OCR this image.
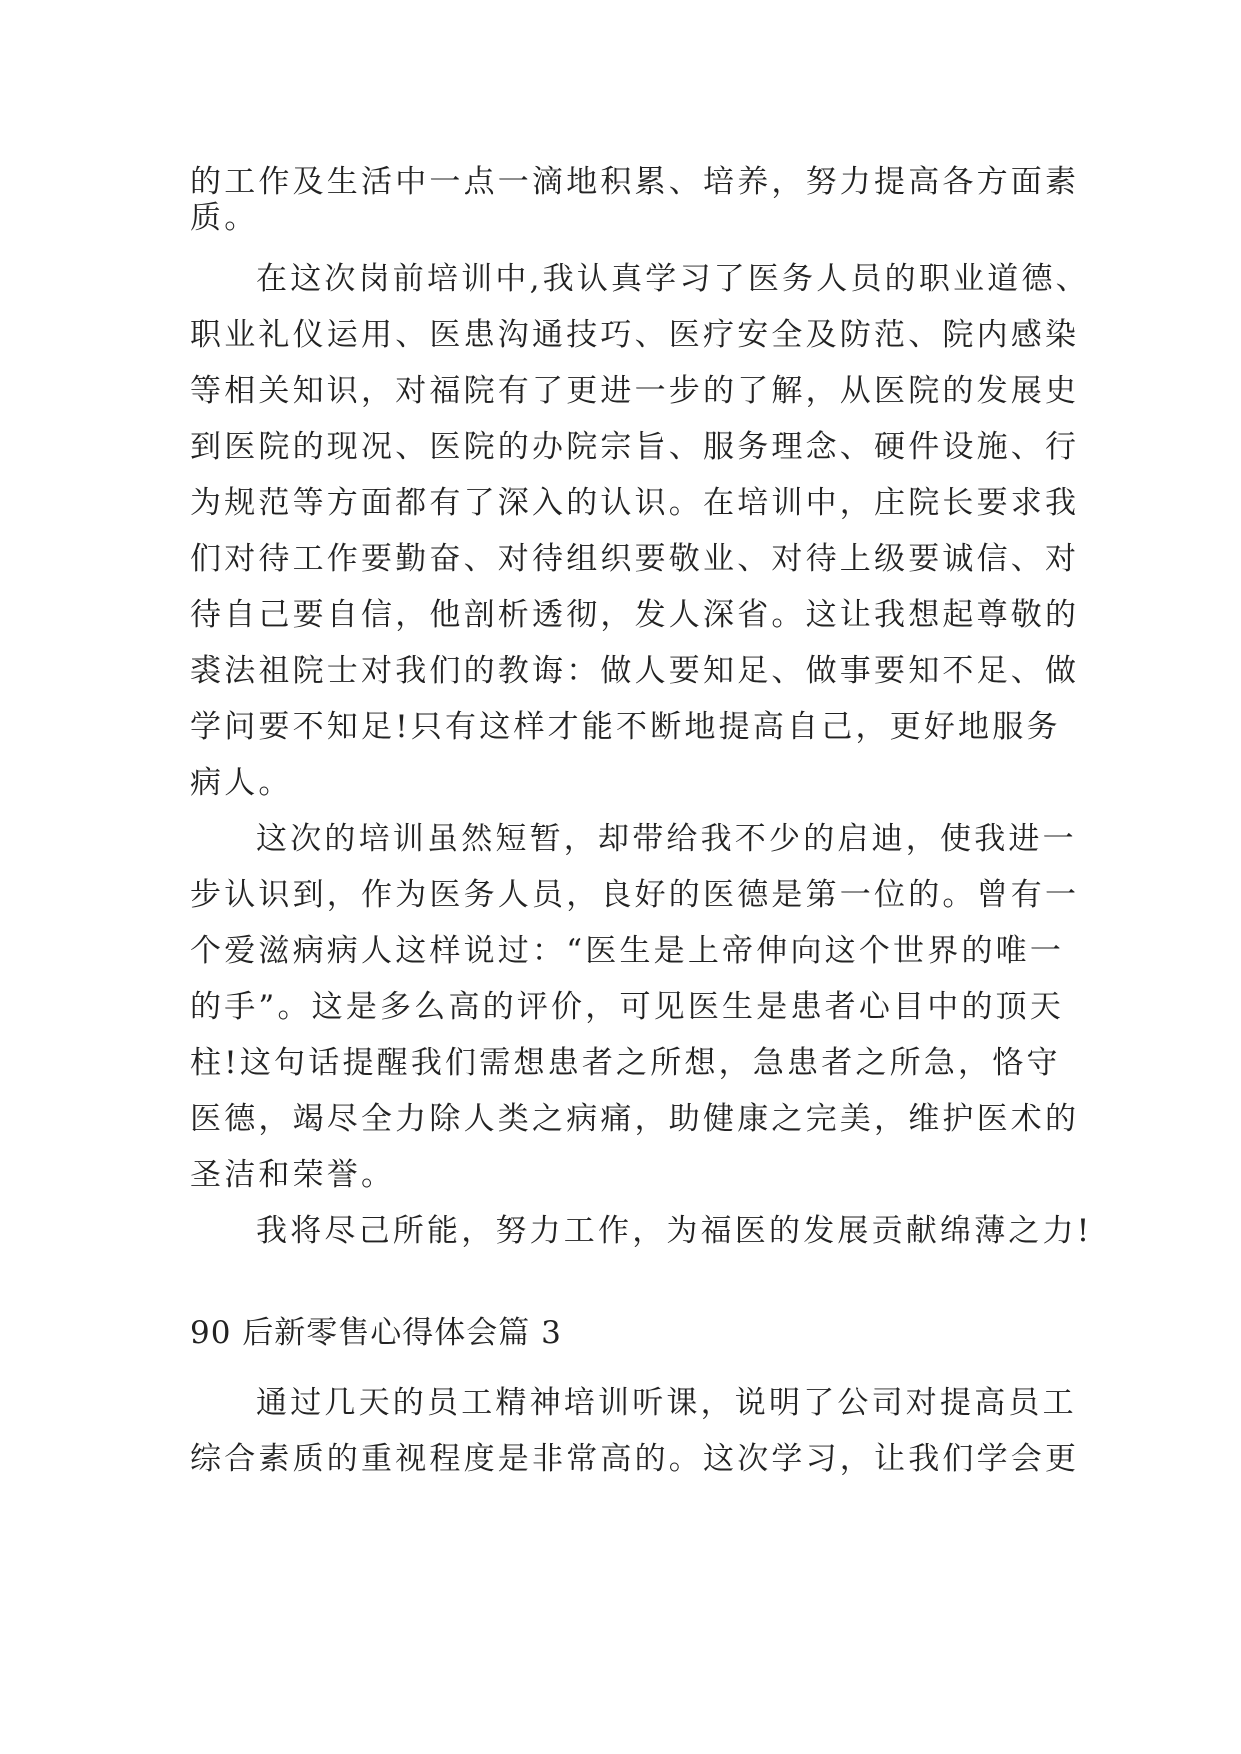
的工作及生活中一点一滴地积累、培养，努力提高各方面素
质。
在这次岗前培训中,我认真学习了医务人员的职业道德、
职业礼仪运用、医患沟通技巧、医疗安全及防范、院内感染
等相关知识，对福院有了更进一步的了解，从医院的发展史
到医院的现况、医院的办院宗旨、服务理念、硬件设施、行
为规范等方面都有了深入的认识。在培训中，庄院长要求我
们对待工作要勤奋、对待组织要敬业、对待上级要诚信、对
待自己要自信，他剖析透彻，发人深省。这让我想起尊敬的
裘法祖院士对我们的教诲：做人要知足、做事要知不足、做
学问要不知足!只有这样才能不断地提高自己，更好地服务
病人。
这次的培训虽然短暂，却带给我不少的启迪，使我进一
步认识到，作为医务人员，良好的医德是第一位的。曾有一
个爱滋病病人这样说过：“医生是上帝伸向这个世界的唯一
的手”。这是多么高的评价，可见医生是患者心目中的顶天
柱!这句话提醒我们需想患者之所想，急患者之所急，恪守
医德，竭尽全力除人类之病痛，助健康之完美，维护医术的
圣洁和荣誉。
我将尽己所能，努力工作，为福医的发展贡献绵薄之力!
90 后新零售心得体会篇 3
通过几天的员工精神培训听课，说明了公司对提高员工
综合素质的重视程度是非常高的。这次学习，让我们学会更
